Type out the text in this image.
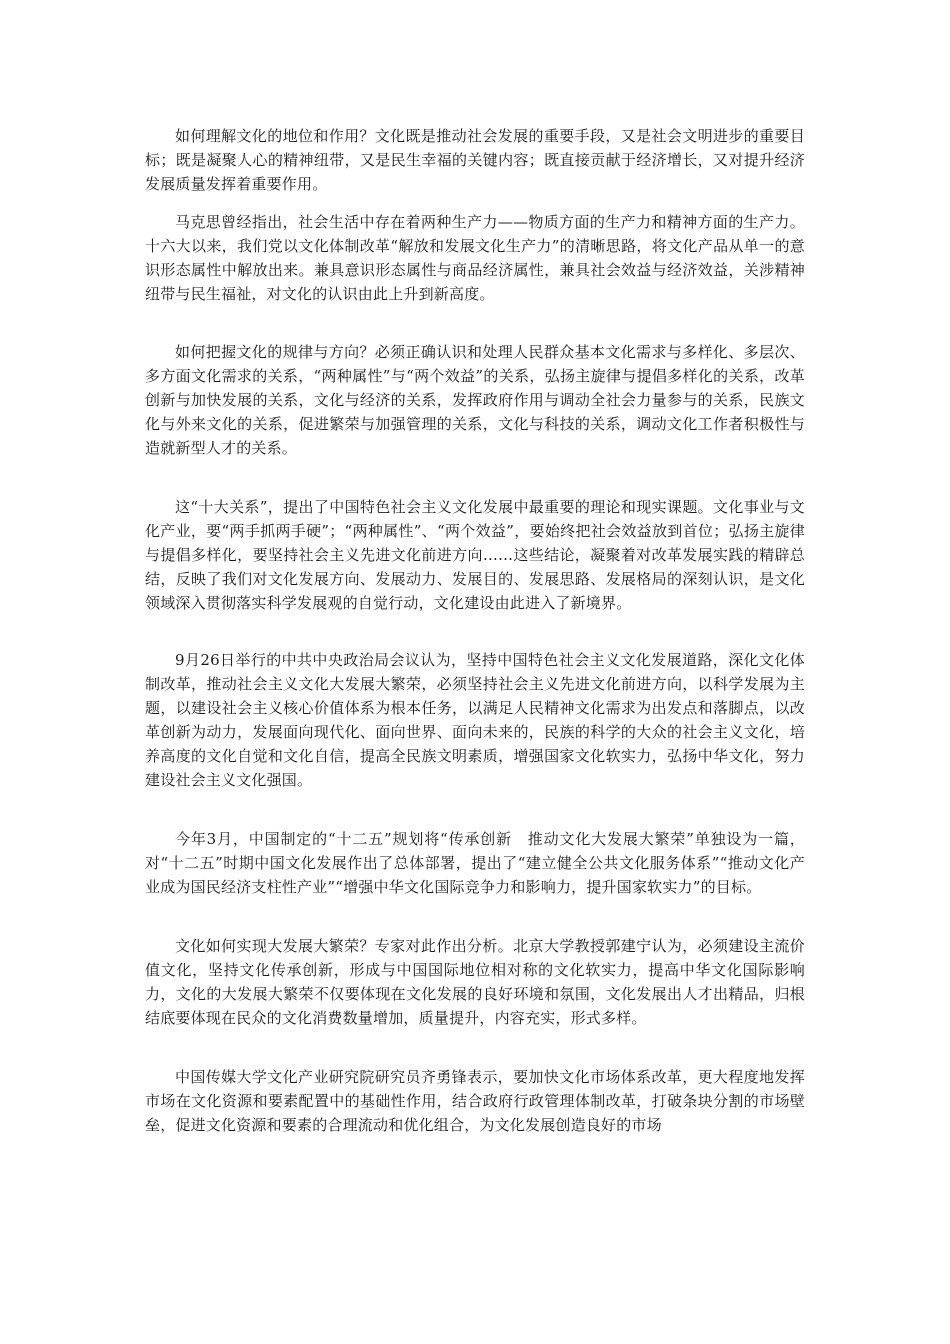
如何理解文化的地位和作用？文化既是推动社会发展的重要手段，又是社会文明进步的重要目标；既是凝聚人心的精神纽带，又是民生幸福的关键内容；既直接贡献于经济增长，又对提升经济发展质量发挥着重要作用。

马克思曾经指出，社会生活中存在着两种生产力——物质方面的生产力和精神方面的生产力。十六大以来，我们党以文化体制改革“解放和发展文化生产力”的清晰思路，将文化产品从单一的意识形态属性中解放出来。兼具意识形态属性与商品经济属性，兼具社会效益与经济效益，关涉精神纽带与民生福祉，对文化的认识由此上升到新高度。

如何把握文化的规律与方向？必须正确认识和处理人民群众基本文化需求与多样化、多层次、多方面文化需求的关系，“两种属性”与“两个效益”的关系，弘扬主旋律与提倡多样化的关系，改革创新与加快发展的关系，文化与经济的关系，发挥政府作用与调动全社会力量参与的关系，民族文化与外来文化的关系，促进繁荣与加强管理的关系，文化与科技的关系，调动文化工作者积极性与造就新型人才的关系。

这“十大关系”，提出了中国特色社会主义文化发展中最重要的理论和现实课题。文化事业与文化产业，要“两手抓两手硬”；“两种属性”、“两个效益”，要始终把社会效益放到首位；弘扬主旋律与提倡多样化，要坚持社会主义先进文化前进方向……这些结论，凝聚着对改革发展实践的精辟总结，反映了我们对文化发展方向、发展动力、发展目的、发展思路、发展格局的深刻认识，是文化领域深入贯彻落实科学发展观的自觉行动，文化建设由此进入了新境界。

9月26日举行的中共中央政治局会议认为，坚持中国特色社会主义文化发展道路，深化文化体制改革，推动社会主义文化大发展大繁荣，必须坚持社会主义先进文化前进方向，以科学发展为主题，以建设社会主义核心价值体系为根本任务，以满足人民精神文化需求为出发点和落脚点，以改革创新为动力，发展面向现代化、面向世界、面向未来的，民族的科学的大众的社会主义文化，培养高度的文化自觉和文化自信，提高全民族文明素质，增强国家文化软实力，弘扬中华文化，努力建设社会主义文化强国。

今年3月，中国制定的“十二五”规划将“传承创新　推动文化大发展大繁荣”单独设为一篇，对“十二五”时期中国文化发展作出了总体部署，提出了“建立健全公共文化服务体系”“推动文化产业成为国民经济支柱性产业”“增强中华文化国际竞争力和影响力，提升国家软实力”的目标。

文化如何实现大发展大繁荣？专家对此作出分析。北京大学教授郭建宁认为，必须建设主流价值文化，坚持文化传承创新，形成与中国国际地位相对称的文化软实力，提高中华文化国际影响力，文化的大发展大繁荣不仅要体现在文化发展的良好环境和氛围，文化发展出人才出精品，归根结底要体现在民众的文化消费数量增加，质量提升，内容充实，形式多样。

中国传媒大学文化产业研究院研究员齐勇锋表示，要加快文化市场体系改革，更大程度地发挥市场在文化资源和要素配置中的基础性作用，结合政府行政管理体制改革，打破条块分割的市场壁垒，促进文化资源和要素的合理流动和优化组合，为文化发展创造良好的市场
